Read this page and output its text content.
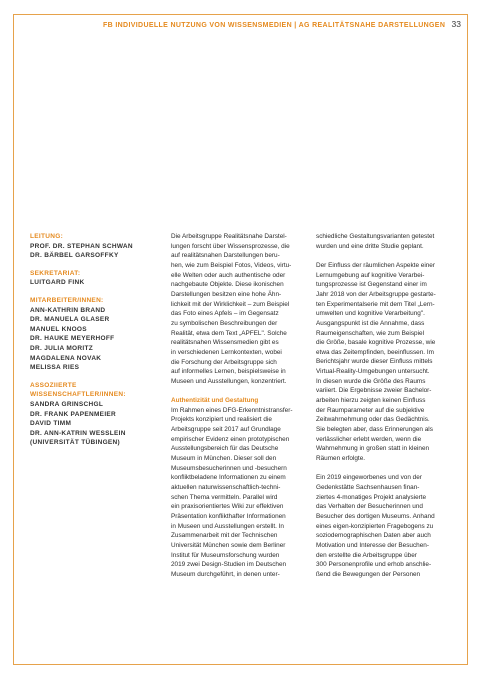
FB INDIVIDUELLE NUTZUNG VON WISSENSMEDIEN | AG REALITÄTSNAHE DARSTELLUNGEN 33
LEITUNG:
PROF. DR. STEPHAN SCHWAN
DR. BÄRBEL GARSOFFKY
SEKRETARIAT:
LUITGARD FINK
MITARBEITER/INNEN:
ANN-KATHRIN BRAND
DR. MANUELA GLASER
MANUEL KNOOS
DR. HAUKE MEYERHOFF
DR. JULIA MORITZ
MAGDALENA NOVAK
MELISSA RIES
ASSOZIIERTE
WISSENSCHAFTLER/INNEN:
SANDRA GRINSCHGL
DR. FRANK PAPENMEIER
DAVID TIMM
DR. ANN-KATRIN WESSLEIN
(UNIVERSITÄT TÜBINGEN)
Die Arbeitsgruppe Realitätsnahe Darstel-
lungen forscht über Wissensprozesse, die
auf realitätsnahen Darstellungen beru-
hen, wie zum Beispiel Fotos, Videos, virtu-
elle Welten oder auch authentische oder
nachgebaute Objekte. Diese ikonischen
Darstellungen besitzen eine hohe Ähn-
lichkeit mit der Wirklichkeit – zum Beispiel
das Foto eines Apfels – im Gegensatz
zu symbolischen Beschreibungen der
Realität, etwa dem Text „APFEL". Solche
realitätsnahen Wissensmedien gibt es
in verschiedenen Lernkontexten, wobei
die Forschung der Arbeitsgruppe sich
auf informelles Lernen, beispielsweise in
Museen und Ausstellungen, konzentriert.
Authentizität und Gestaltung
Im Rahmen eines DFG-Erkenntnistransfer-
Projekts konzipiert und realisiert die
Arbeitsgruppe seit 2017 auf Grundlage
empirischer Evidenz einen prototypischen
Ausstellungsbereich für das Deutsche
Museum in München. Dieser soll den
Museumsbesucherinnen und -besuchern
konfliktbeladene Informationen zu einem
aktuellen naturwissenschaftlich-techni-
schen Thema vermitteln. Parallel wird
ein praxisorientiertes Wiki zur effektiven
Präsentation konflikthafter Informationen
in Museen und Ausstellungen erstellt. In
Zusammenarbeit mit der Technischen
Universität München sowie dem Berliner
Institut für Museumsforschung wurden
2019 zwei Design-Studien im Deutschen
Museum durchgeführt, in denen unter-
schiedliche Gestaltungsvarianten getestet
wurden und eine dritte Studie geplant.
Der Einfluss der räumlichen Aspekte einer
Lernumgebung auf kognitive Verarbei-
tungsprozesse ist Gegenstand einer im
Jahr 2018 von der Arbeitsgruppe gestarte-
ten Experimentalserie mit dem Titel „Lern-
umwelten und kognitive Verarbeitung".
Ausgangspunkt ist die Annahme, dass
Raumeigenschaften, wie zum Beispiel
die Größe, basale kognitive Prozesse, wie
etwa das Zeitempfinden, beeinflussen. Im
Berichtsjahr wurde dieser Einfluss mittels
Virtual-Reality-Umgebungen untersucht.
In diesen wurde die Größe des Raums
variiert. Die Ergebnisse zweier Bachelor-
arbeiten hierzu zeigten keinen Einfluss
der Raumparameter auf die subjektive
Zeitwahrnehmung oder das Gedächtnis.
Sie belegten aber, dass Erinnerungen als
verlässlicher erlebt werden, wenn die
Wahrnehmung in großen statt in kleinen
Räumen erfolgte.
Ein 2019 eingeworbenes und von der
Gedenkstätte Sachsenhausen finan-
ziertes 4-monatiges Projekt analysierte
das Verhalten der Besucherinnen und
Besucher des dortigen Museums. Anhand
eines eigen-konzipierten Fragebogens zu
soziodemographischen Daten aber auch
Motivation und Interesse der Besuchen-
den erstellte die Arbeitsgruppe über
300 Personenprofile und erhob anschlie-
ßend die Bewegungen der Personen
